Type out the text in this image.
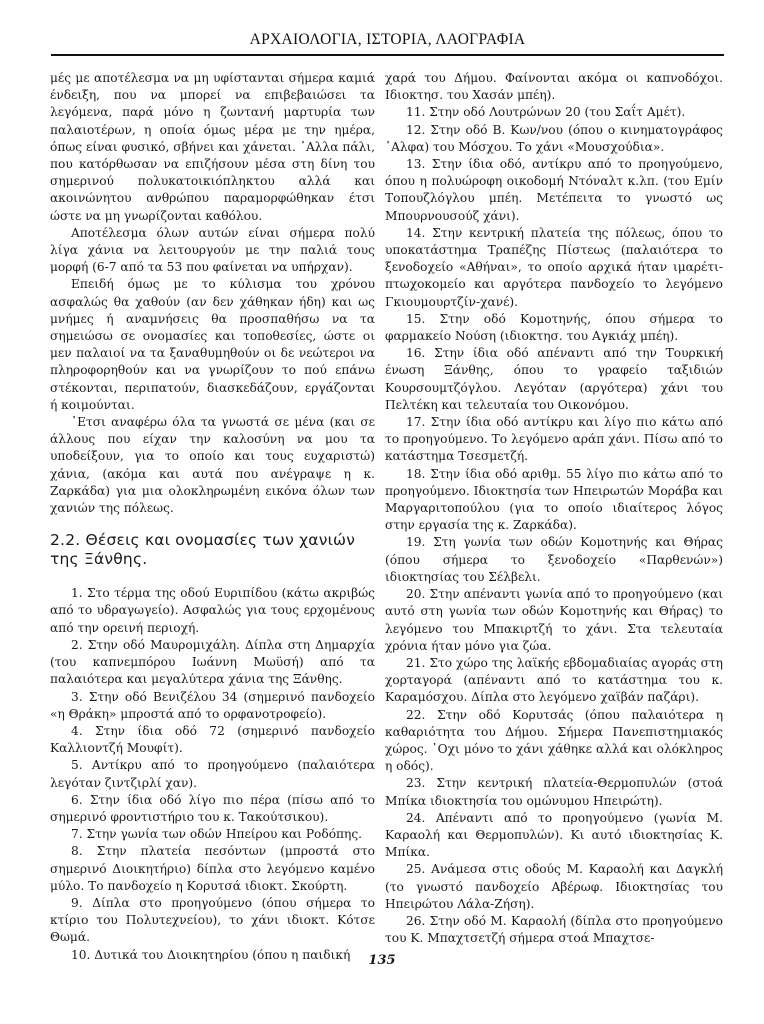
ΑΡΧΑΙΟΛΟΓΙΑ, ΙΣΤΟΡΙΑ, ΛΑΟΓΡΑΦΙΑ

μές με αποτέλεσμα να μη υφίστανται σήμερα καμιά ένδειξη, που να μπορεί να επιβεβαιώσει τα λεγόμενα, παρά μόνο η ζωντανή μαρτυρία των παλαιοτέρων, η οποία όμως μέρα με την ημέρα, όπως είναι φυσικό, σβήνει και χάνεται. ᾽Αλλα πάλι, που κατόρθωσαν να επιζήσουν μέσα στη δίνη του σημερινού πολυκατοικιόπληκτου αλλά και ακοινώνητου ανθρώπου παραμορφώθηκαν έτσι ώστε να μη γνωρίζονται καθόλου.

Αποτέλεσμα όλων αυτών είναι σήμερα πολύ λίγα χάνια να λειτουργούν με την παλιά τους μορφή (6-7 από τα 53 που φαίνεται να υπήρχαν).

Επειδή όμως με το κύλισμα του χρόνου ασφαλώς θα χαθούν (αν δεν χάθηκαν ήδη) και ως μνήμες ή αναμνήσεις θα προσπαθήσω να τα σημειώσω σε ονομασίες και τοποθεσίες, ώστε οι μεν παλαιοί να τα ξαναθυμηθούν οι δε νεώτεροι να πληροφορηθούν και να γνωρίζουν το πού επάνω στέκονται, περιπατούν, διασκεδάζουν, εργάζονται ή κοιμούνται.

᾽Ετσι αναφέρω όλα τα γνωστά σε μένα (και σε άλλους που είχαν την καλοσύνη να μου τα υποδείξουν, για το οποίο και τους ευχαριστώ) χάνια, (ακόμα και αυτά που ανέγραψε η κ. Ζαρκάδα) για μια ολοκληρωμένη εικόνα όλων των χανιών της πόλεως.

2.2. Θέσεις και ονομασίες των χανιών της Ξάνθης.

1. Στο τέρμα της οδού Ευριπίδου (κάτω ακριβώς από το υδραγωγείο). Ασφαλώς για τους ερχομένους από την ορεινή περιοχή.

2. Στην οδό Μαυρομιχάλη. Δίπλα στη Δημαρχία (του καπνεμπόρου Ιωάννη Μωϋσή) από τα παλαιότερα και μεγαλύτερα χάνια της Ξάνθης.

3. Στην οδό Βενιζέλου 34 (σημερινό πανδοχείο «η Θράκη» μπροστά από το ορφανοτροφείο).

4. Στην ίδια οδό 72 (σημερινό πανδοχείο Καλλιοντζή Μουφίτ).

5. Αντίκρυ από το προηγούμενο (παλαιότερα λεγόταν ζιντζιρλί χαν).

6. Στην ίδια οδό λίγο πιο πέρα (πίσω από το σημερινό φροντιστήριο του κ. Τακούτσικου).

7. Στην γωνία των οδών Ηπείρου και Ροδόπης.

8. Στην πλατεία πεσόντων (μπροστά στο σημερινό Διοικητήριο) δίπλα στο λεγόμενο καμένο μύλο. Το πανδοχείο η Κορυτσά ιδιοκτ. Σκούρτη.

9. Δίπλα στο προηγούμενο (όπου σήμερα το κτίριο του Πολυτεχνείου), το χάνι ιδιοκτ. Κότσε Θωμά.

10. Δυτικά του Διοικητηρίου (όπου η παιδική

χαρά του Δήμου. Φαίνονται ακόμα οι καπνοδόχοι. Ιδιοκτησ. του Χασάν μπέη).

11. Στην οδό Λουτρώνων 20 (του Σαΐτ Αμέτ).

12. Στην οδό Β. Κων/νου (όπου ο κινηματογράφος ᾽Αλφα) του Μόσχου. Το χάνι «Μουσχούδια».

13. Στην ίδια οδό, αντίκρυ από το προηγούμενο, όπου η πολυώροφη οικοδομή Ντόναλτ κ.λπ. (του Εμίν Τοπουζλόγλου μπέη. Μετέπειτα το γνωστό ως Μπουρνουσούζ χάνι).

14. Στην κεντρική πλατεία της πόλεως, όπου το υποκατάστημα Τραπέζης Πίστεως (παλαιότερα το ξενοδοχείο «Αθήναι», το οποίο αρχικά ήταν ιμαρέτι-πτωχοκομείο και αργότερα πανδοχείο το λεγόμενο Γκιουμουρτζίν-χανέ).

15. Στην οδό Κομοτηνής, όπου σήμερα το φαρμακείο Νούση (ιδιοκτησ. του Αγκιάχ μπέη).

16. Στην ίδια οδό απέναντι από την Τουρκική ένωση Ξάνθης, όπου το γραφείο ταξιδιών Κουρσουμτζόγλου. Λεγόταν (αργότερα) χάνι του Πελτέκη και τελευταία του Οικονόμου.

17. Στην ίδια οδό αντίκρυ και λίγο πιο κάτω από το προηγούμενο. Το λεγόμενο αράπ χάνι. Πίσω από το κατάστημα Τσεσμετζή.

18. Στην ίδια οδό αριθμ. 55 λίγο πιο κάτω από το προηγούμενο. Ιδιοκτησία των Ηπειρωτών Μοράβα και Μαργαριτοπούλου (για το οποίο ιδιαίτερος λόγος στην εργασία της κ. Ζαρκάδα).

19. Στη γωνία των οδών Κομοτηνής και Θήρας (όπου σήμερα το ξενοδοχείο «Παρθενών») ιδιοκτησίας του Σέλβελι.

20. Στην απέναντι γωνία από το προηγούμενο (και αυτό στη γωνία των οδών Κομοτηνής και Θήρας) το λεγόμενο του Μπακιρτζή το χάνι. Στα τελευταία χρόνια ήταν μόνο για ζώα.

21. Στο χώρο της λαϊκής εβδομαδιαίας αγοράς στη χορταγορά (απέναντι από το κατάστημα του κ. Καραμόσχου. Δίπλα στο λεγόμενο χαϊβάν παζάρι).

22. Στην οδό Κορυτσάς (όπου παλαιότερα η καθαριότητα του Δήμου. Σήμερα Πανεπιστημιακός χώρος. ᾽Οχι μόνο το χάνι χάθηκε αλλά και ολόκληρος η οδός).

23. Στην κεντρική πλατεία-Θερμοπυλών (στοά Μπίκα ιδιοκτησία του ομώνυμου Ηπειρώτη).

24. Απέναντι από το προηγούμενο (γωνία Μ. Καραολή και Θερμοπυλών). Κι αυτό ιδιοκτησίας Κ. Μπίκα.

25. Ανάμεσα στις οδούς Μ. Καραολή και Δαγκλή (το γνωστό πανδοχείο Αβέρωφ. Ιδιοκτησίας του Ηπειρώτου Λάλα-Ζήση).

26. Στην οδό Μ. Καραολή (δίπλα στο προηγούμενο του Κ. Μπαχτσετζή σήμερα στοά Μπαχτσε-

135
